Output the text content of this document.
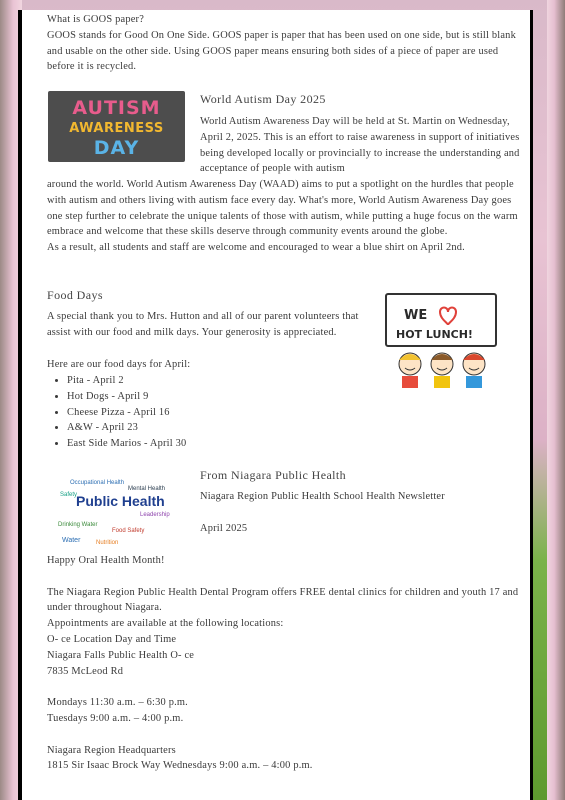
What is GOOS paper?

GOOS stands for Good On One Side. GOOS paper is paper that has been used on one side, but is still blank and usable on the other side. Using GOOS paper means ensuring both sides of a piece of paper are used before it is recycled.

AUTISM
AWARENESS
DAY
World Autism Day 2025
World Autism Awareness Day will be held at St. Martin on Wednesday, April 2, 2025. This is an effort to raise awareness in support of initiatives being developed locally or provincially to increase the understanding and acceptance of people with autism

around the world. World Autism Awareness Day (WAAD) aims to put a spotlight on the hurdles that people with autism and others living with autism face every day. What's more, World Autism Awareness Day goes one step further to celebrate the unique talents of those with autism, while putting a huge focus on the warm embrace and welcome that these skills deserve through community events around the globe.

As a result, all students and staff are welcome and encouraged to wear a blue shirt on April 2nd.

Food Days
A special thank you to Mrs. Hutton and all of our parent volunteers that assist with our food and milk days. Your generosity is appreciated.
Here are our food days for April:
• Pita - April 2
• Hot Dogs - April 9
• Cheese Pizza - April 16
• A&W - April 23
• East Side Marios - April 30
WE
HOT LUNCH!
Occupational Health
Public Health
Drinking Water
Food Safety
Leadership
Water	Nutrition
Safety
Mental Health
From Niagara Public Health
Niagara Region Public Health School Health Newsletter
April 2025

Happy Oral Health Month!

The Niagara Region Public Health Dental Program offers FREE dental clinics for children and youth 17 and under throughout Niagara.

Appointments are available at the following locations:

O- ce Location Day and Time

Niagara Falls Public Health O- ce

7835 McLeod Rd

Mondays 11:30 a.m. – 6:30 p.m.

Tuesdays 9:00 a.m. – 4:00 p.m.

Niagara Region Headquarters

1815 Sir Isaac Brock Way Wednesdays 9:00 a.m. – 4:00 p.m.
